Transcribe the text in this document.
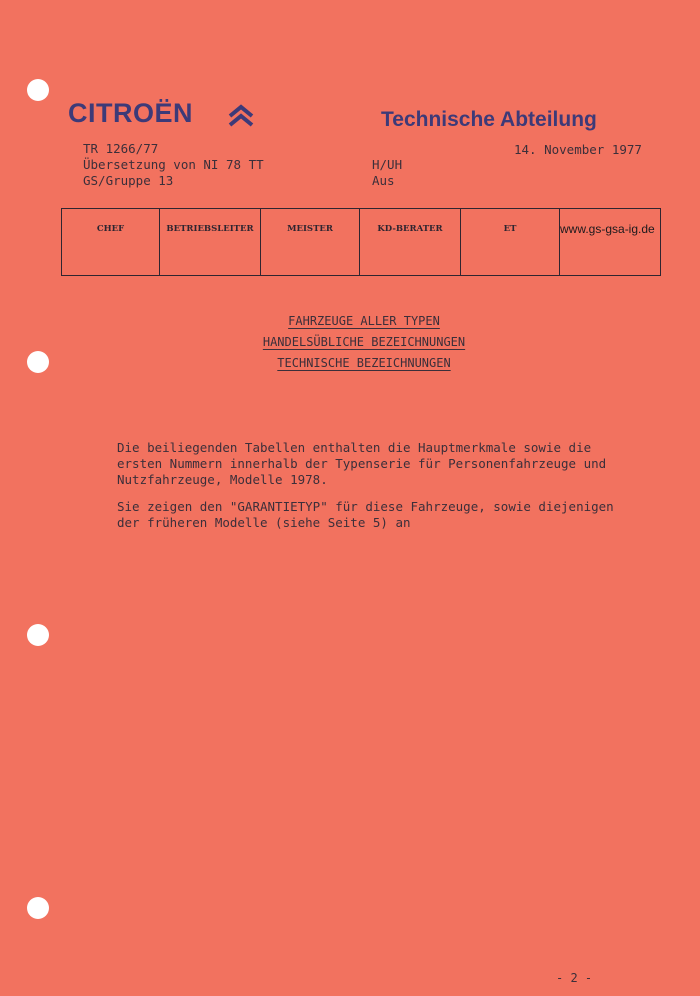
CITROËN	Technische Abteilung
TR 1266/77
Übersetzung von NI 78 TT
GS/Gruppe 13
H/UH
Aus
14. November 1977
CHEF	BETRIEBSLEITER	MEISTER	KD-BERATER	ET	www.gs-gsa-ig.de
FAHRZEUGE ALLER TYPEN
HANDELSÜBLICHE BEZEICHNUNGEN
TECHNISCHE BEZEICHNUNGEN
Die beiliegenden Tabellen enthalten die Hauptmerkmale sowie die
ersten Nummern innerhalb der Typenserie für Personenfahrzeuge und
Nutzfahrzeuge, Modelle 1978.
Sie zeigen den "GARANTIETYP" für diese Fahrzeuge, sowie diejenigen
der früheren Modelle (siehe Seite 5) an
- 2 -
